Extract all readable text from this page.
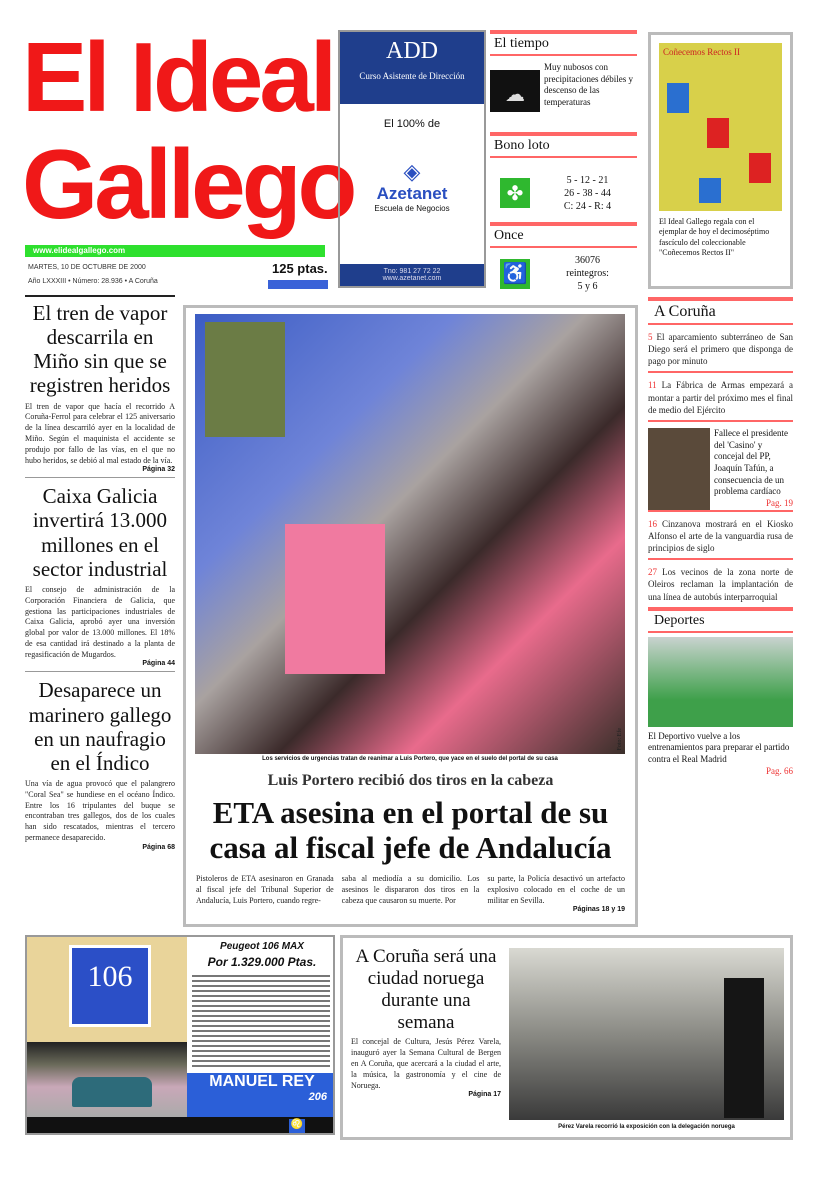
El Ideal
Gallego
www.elidealgallego.com
MARTES, 10 DE OCTUBRE DE 2000
Año LXXXIII • Número: 28.936 • A Coruña
125 ptas.
ADD
Curso Asistente de Dirección
El 100% de
◈
Azetanet
Escuela de Negocios
Tno: 981 27 72 22
www.azetanet.com
El tiempo
☁
Muy nubosos con precipitaciones débiles y descenso de las temperaturas
Bono loto
✤
5 - 12 - 21
26 - 38 - 44
C: 24 - R: 4
Once
♿
36076
reintegros:
5 y 6
Coñecemos Rectos II
El Ideal Gallego regala con el ejemplar de hoy el decimoséptimo fascículo del coleccionable "Coñecemos Rectos II"
El tren de vapor descarrila en Miño sin que se registren heridos
El tren de vapor que hacía el recorrido A Coruña-Ferrol para celebrar el 125 aniversario de la línea descarriló ayer en la localidad de Miño. Según el maquinista el accidente se produjo por fallo de las vías, en el que no hubo heridos, se debió al mal estado de la vía.
Página 32
Caixa Galicia invertirá 13.000 millones en el sector industrial
El consejo de administración de la Corporación Financiera de Galicia, que gestiona las participaciones industriales de Caixa Galicia, aprobó ayer una inversión global por valor de 13.000 millones. El 18% de esa cantidad irá destinado a la planta de regasificación de Mugardos.
Página 44
Desaparece un marinero gallego en un naufragio en el Índico
Una vía de agua provocó que el palangrero "Coral Sea" se hundiese en el océano Índico. Entre los 16 tripulantes del buque se encontraban tres gallegos, dos de los cuales han sido rescatados, mientras el tercero permanece desaparecido.
Página 68
Foto: Efe
Los servicios de urgencias tratan de reanimar a Luis Portero, que yace en el suelo del portal de su casa
Luis Portero recibió dos tiros en la cabeza
ETA asesina en el portal de su casa al fiscal jefe de Andalucía
Pistoleros de ETA asesinaron en Granada al fiscal jefe del Tribunal Superior de Andalucía, Luis Portero, cuando regre-
saba al mediodía a su domicilio. Los asesinos le dispararon dos tiros en la cabeza que causaron su muerte. Por
su parte, la Policía desactivó un artefacto explosivo colocado en el coche de un militar en Sevilla.
Páginas 18 y 19
A Coruña
5 El aparcamiento subterráneo de San Diego será el primero que disponga de pago por minuto
11 La Fábrica de Armas empezará a montar a partir del próximo mes el final de medio del Ejército
Fallece el presidente del 'Casino' y concejal del PP, Joaquín Tafún, a consecuencia de un problema cardíaco
Pag. 19
16 Cinzanova mostrará en el Kiosko Alfonso el arte de la vanguardia rusa de principios de siglo
27 Los vecinos de la zona norte de Oleiros reclaman la implantación de una línea de autobús interparroquial
Deportes
El Deportivo vuelve a los entrenamientos para preparar el partido contra el Real Madrid
Pag. 66
106
Peugeot 106 MAX
Por 1.329.000 Ptas.
MANUEL REY
206
♌
A Coruña será una ciudad noruega durante una semana
El concejal de Cultura, Jesús Pérez Varela, inauguró ayer la Semana Cultural de Bergen en A Coruña, que acercará a la ciudad el arte, la música, la gastronomía y el cine de Noruega.
Página 17
Pérez Varela recorrió la exposición con la delegación noruega
